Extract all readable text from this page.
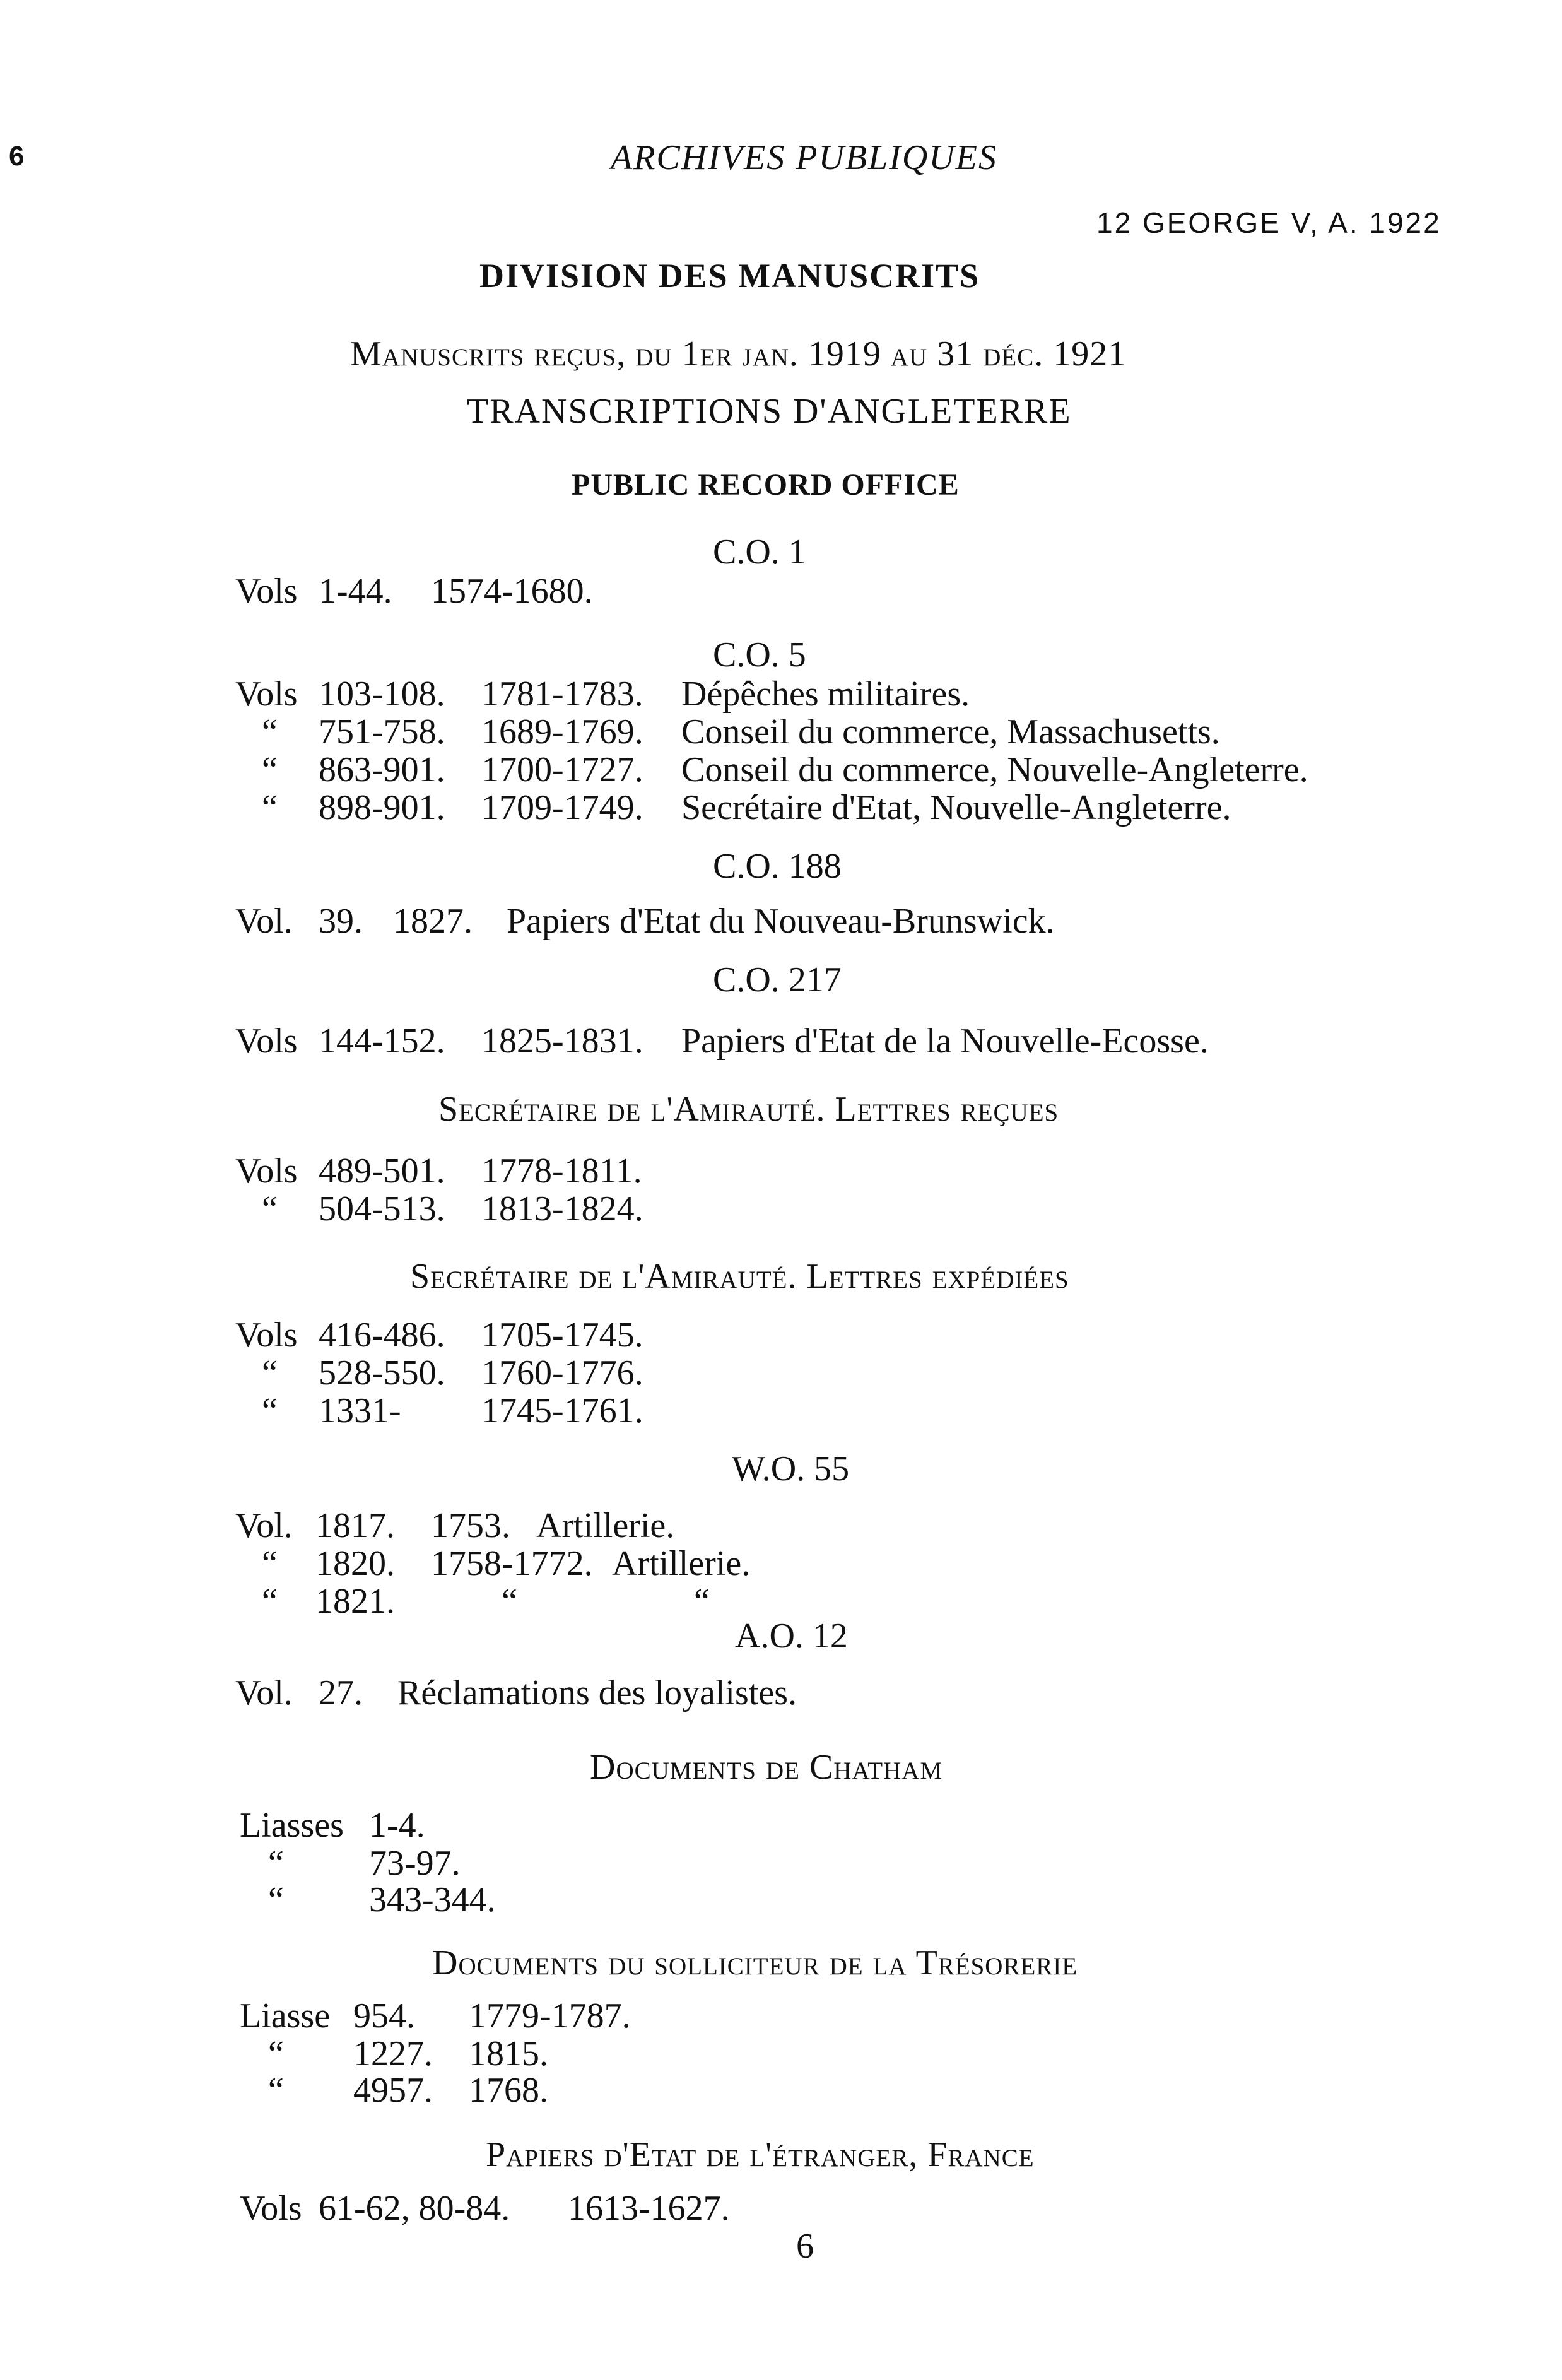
6	ARCHIVES PUBLIQUES
12 GEORGE V, A. 1922
DIVISION DES MANUSCRITS
Manuscrits reçus, du 1er jan. 1919 au 31 déc. 1921
TRANSCRIPTIONS D'ANGLETERRE
PUBLIC RECORD OFFICE
C.O. 1
Vols 1-44. 1574-1680.
C.O. 5
Vols 103-108. 1781-1783. Dépêches militaires.
“ 751-758. 1689-1769. Conseil du commerce, Massachusetts.
“ 863-901. 1700-1727. Conseil du commerce, Nouvelle-Angleterre.
“ 898-901. 1709-1749. Secrétaire d'Etat, Nouvelle-Angleterre.
C.O. 188
Vol. 39. 1827. Papiers d'Etat du Nouveau-Brunswick.
C.O. 217
Vols 144-152. 1825-1831. Papiers d'Etat de la Nouvelle-Ecosse.
Secrétaire de l'Amirauté. Lettres reçues
Vols 489-501. 1778-1811.
“ 504-513. 1813-1824.
Secrétaire de l'Amirauté. Lettres expédiées
Vols 416-486. 1705-1745.
“ 528-550. 1760-1776.
“ 1331- 1745-1761.
W.O. 55
Vol. 1817. 1753. Artillerie.
“ 1820. 1758-1772. Artillerie.
“ 1821.	“	“
A.O. 12
Vol. 27. Réclamations des loyalistes.
Documents de Chatham
Liasses 1-4.
“ 73-97.
“ 343-344.
Documents du solliciteur de la Trésorerie
Liasse 954. 1779-1787.
“ 1227. 1815.
“ 4957. 1768.
Papiers d'Etat de l'étranger, France
Vols 61-62, 80-84. 1613-1627.
6
